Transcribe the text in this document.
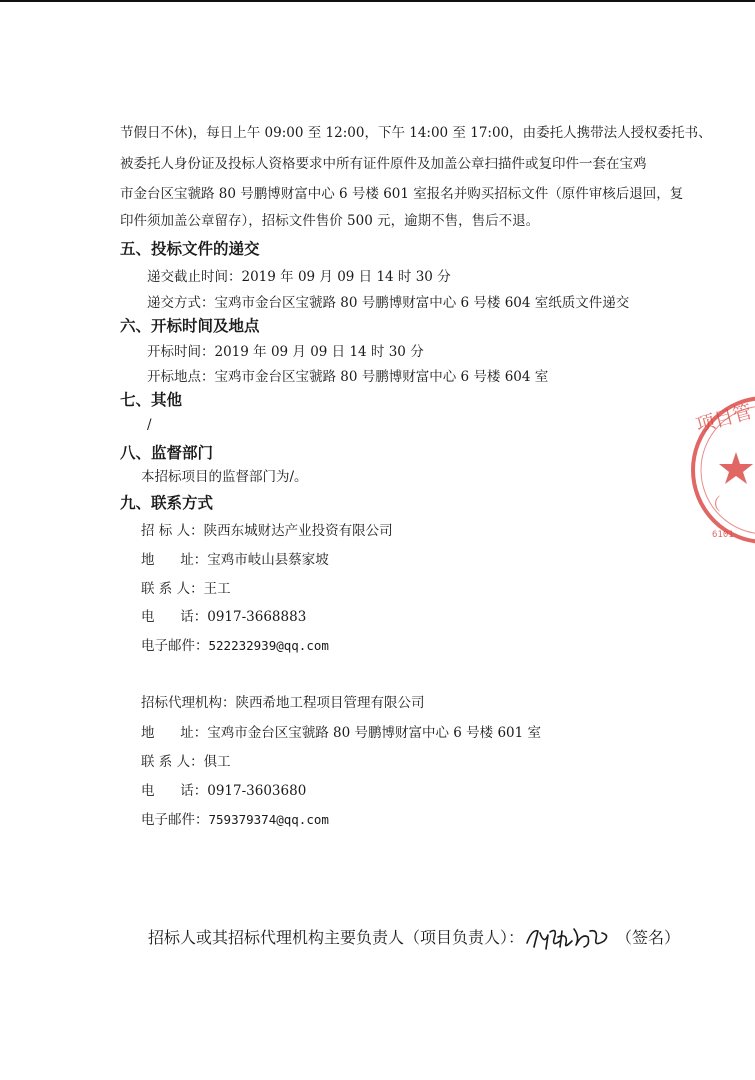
节假日不休)，每日上午 09:00 至 12:00，下午 14:00 至 17:00，由委托人携带法人授权委托书、
被委托人身份证及投标人资格要求中所有证件原件及加盖公章扫描件或复印件一套在宝鸡
市金台区宝虢路 80 号鹏博财富中心 6 号楼 601 室报名并购买招标文件（原件审核后退回，复
印件须加盖公章留存），招标文件售价 500 元，逾期不售，售后不退。
五、投标文件的递交
递交截止时间：2019 年 09 月 09 日 14 时 30 分
递交方式：宝鸡市金台区宝虢路 80 号鹏博财富中心 6 号楼 604 室纸质文件递交
六、开标时间及地点
开标时间：2019 年 09 月 09 日 14 时 30 分
开标地点：宝鸡市金台区宝虢路 80 号鹏博财富中心 6 号楼 604 室
七、其他
/
八、监督部门
本招标项目的监督部门为/。
九、联系方式
招 标 人：陕西东城财达产业投资有限公司
地      址：宝鸡市岐山县蔡家坡
联 系 人：王工
电      话：0917-3668883
电子邮件：522232939@qq.com
招标代理机构：陕西希地工程项目管理有限公司
地      址：宝鸡市金台区宝虢路 80 号鹏博财富中心 6 号楼 601 室
联 系 人：俱工
电      话：0917-3603680
电子邮件：759379374@qq.com
招标人或其招标代理机构主要负责人（项目负责人）：	（签名）
项目管
（
6101
